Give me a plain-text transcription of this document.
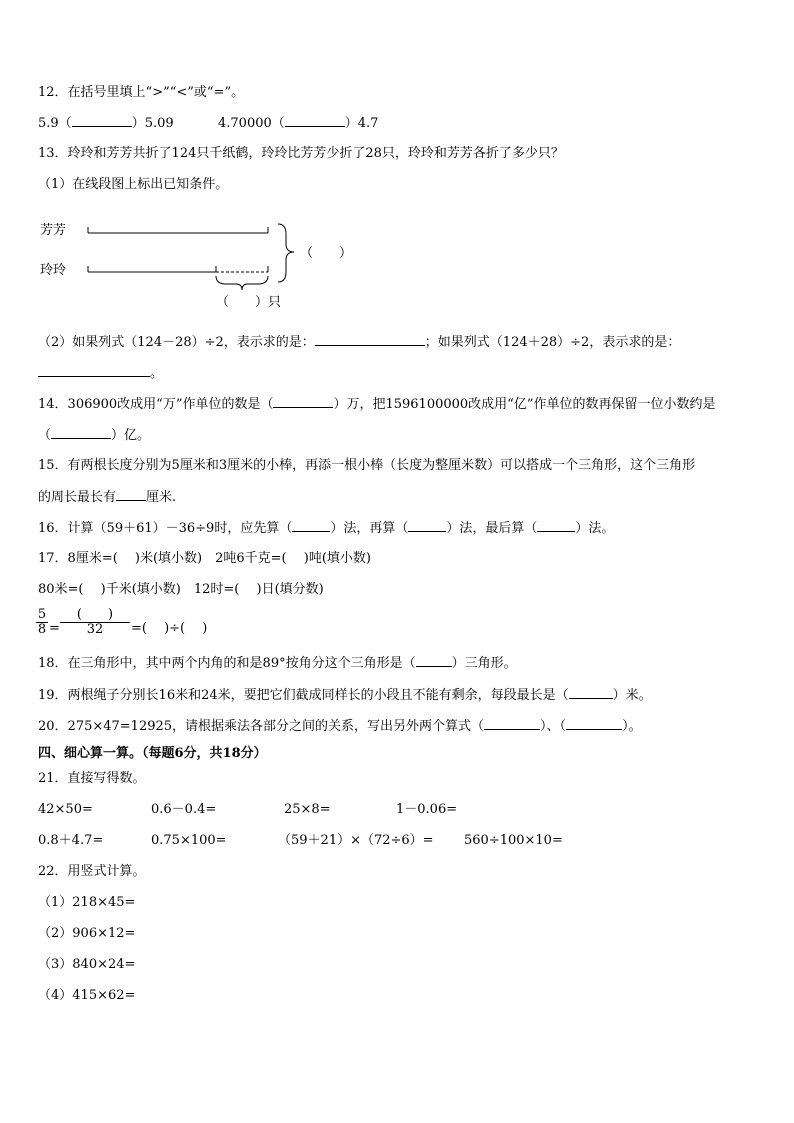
12．在括号里填上“>”“<”或“=”。
5.9（	）5.09	4.70000（	）4.7
13．玲玲和芳芳共折了124只千纸鹤，玲玲比芳芳少折了28只，玲玲和芳芳各折了多少只？
（1）在线段图上标出已知条件。
芳芳
玲玲
（　　）
（　　）只
（2）如果列式（124－28）÷2，表示求的是：	；如果列式（124＋28）÷2，表示求的是：
。
14．306900改成用“万”作单位的数是（	）万，把1596100000改成用“亿”作单位的数再保留一位小数约是
（	）亿。
15．有两根长度分别为5厘米和3厘米的小棒，再添一根小棒（长度为整厘米数）可以搭成一个三角形，这个三角形
的周长最长有 厘米.
16．计算（59＋61）－36÷9时，应先算（	）法，再算（	）法，最后算（	）法。
17．8厘米=(　 )米(填小数)　2吨6千克=(　 )吨(填小数)
80米=(　 )千米(填小数)　12时=(　 )日(填分数)
$\frac{5}{8}$ =
(　　)
32	=(　 )÷(　 )
18．在三角形中，其中两个内角的和是89°按角分这个三角形是（	）三角形。
19．两根绳子分别长16米和24米，要把它们截成同样长的小段且不能有剩余，每段最长是（	）米。
20．275×47=12925，请根据乘法各部分之间的关系，写出另外两个算式（	）、（	）。
四、细心算一算。（每题6分，共18分）
21．直接写得数。
42×50=	0.6－0.4=	25×8=	1－0.06=
0.8＋4.7=	0.75×100=	（59＋21）×（72÷6）= 560÷100×10=
22．用竖式计算。
（1）218×45=
（2）906×12=
（3）840×24=
（4）415×62=
